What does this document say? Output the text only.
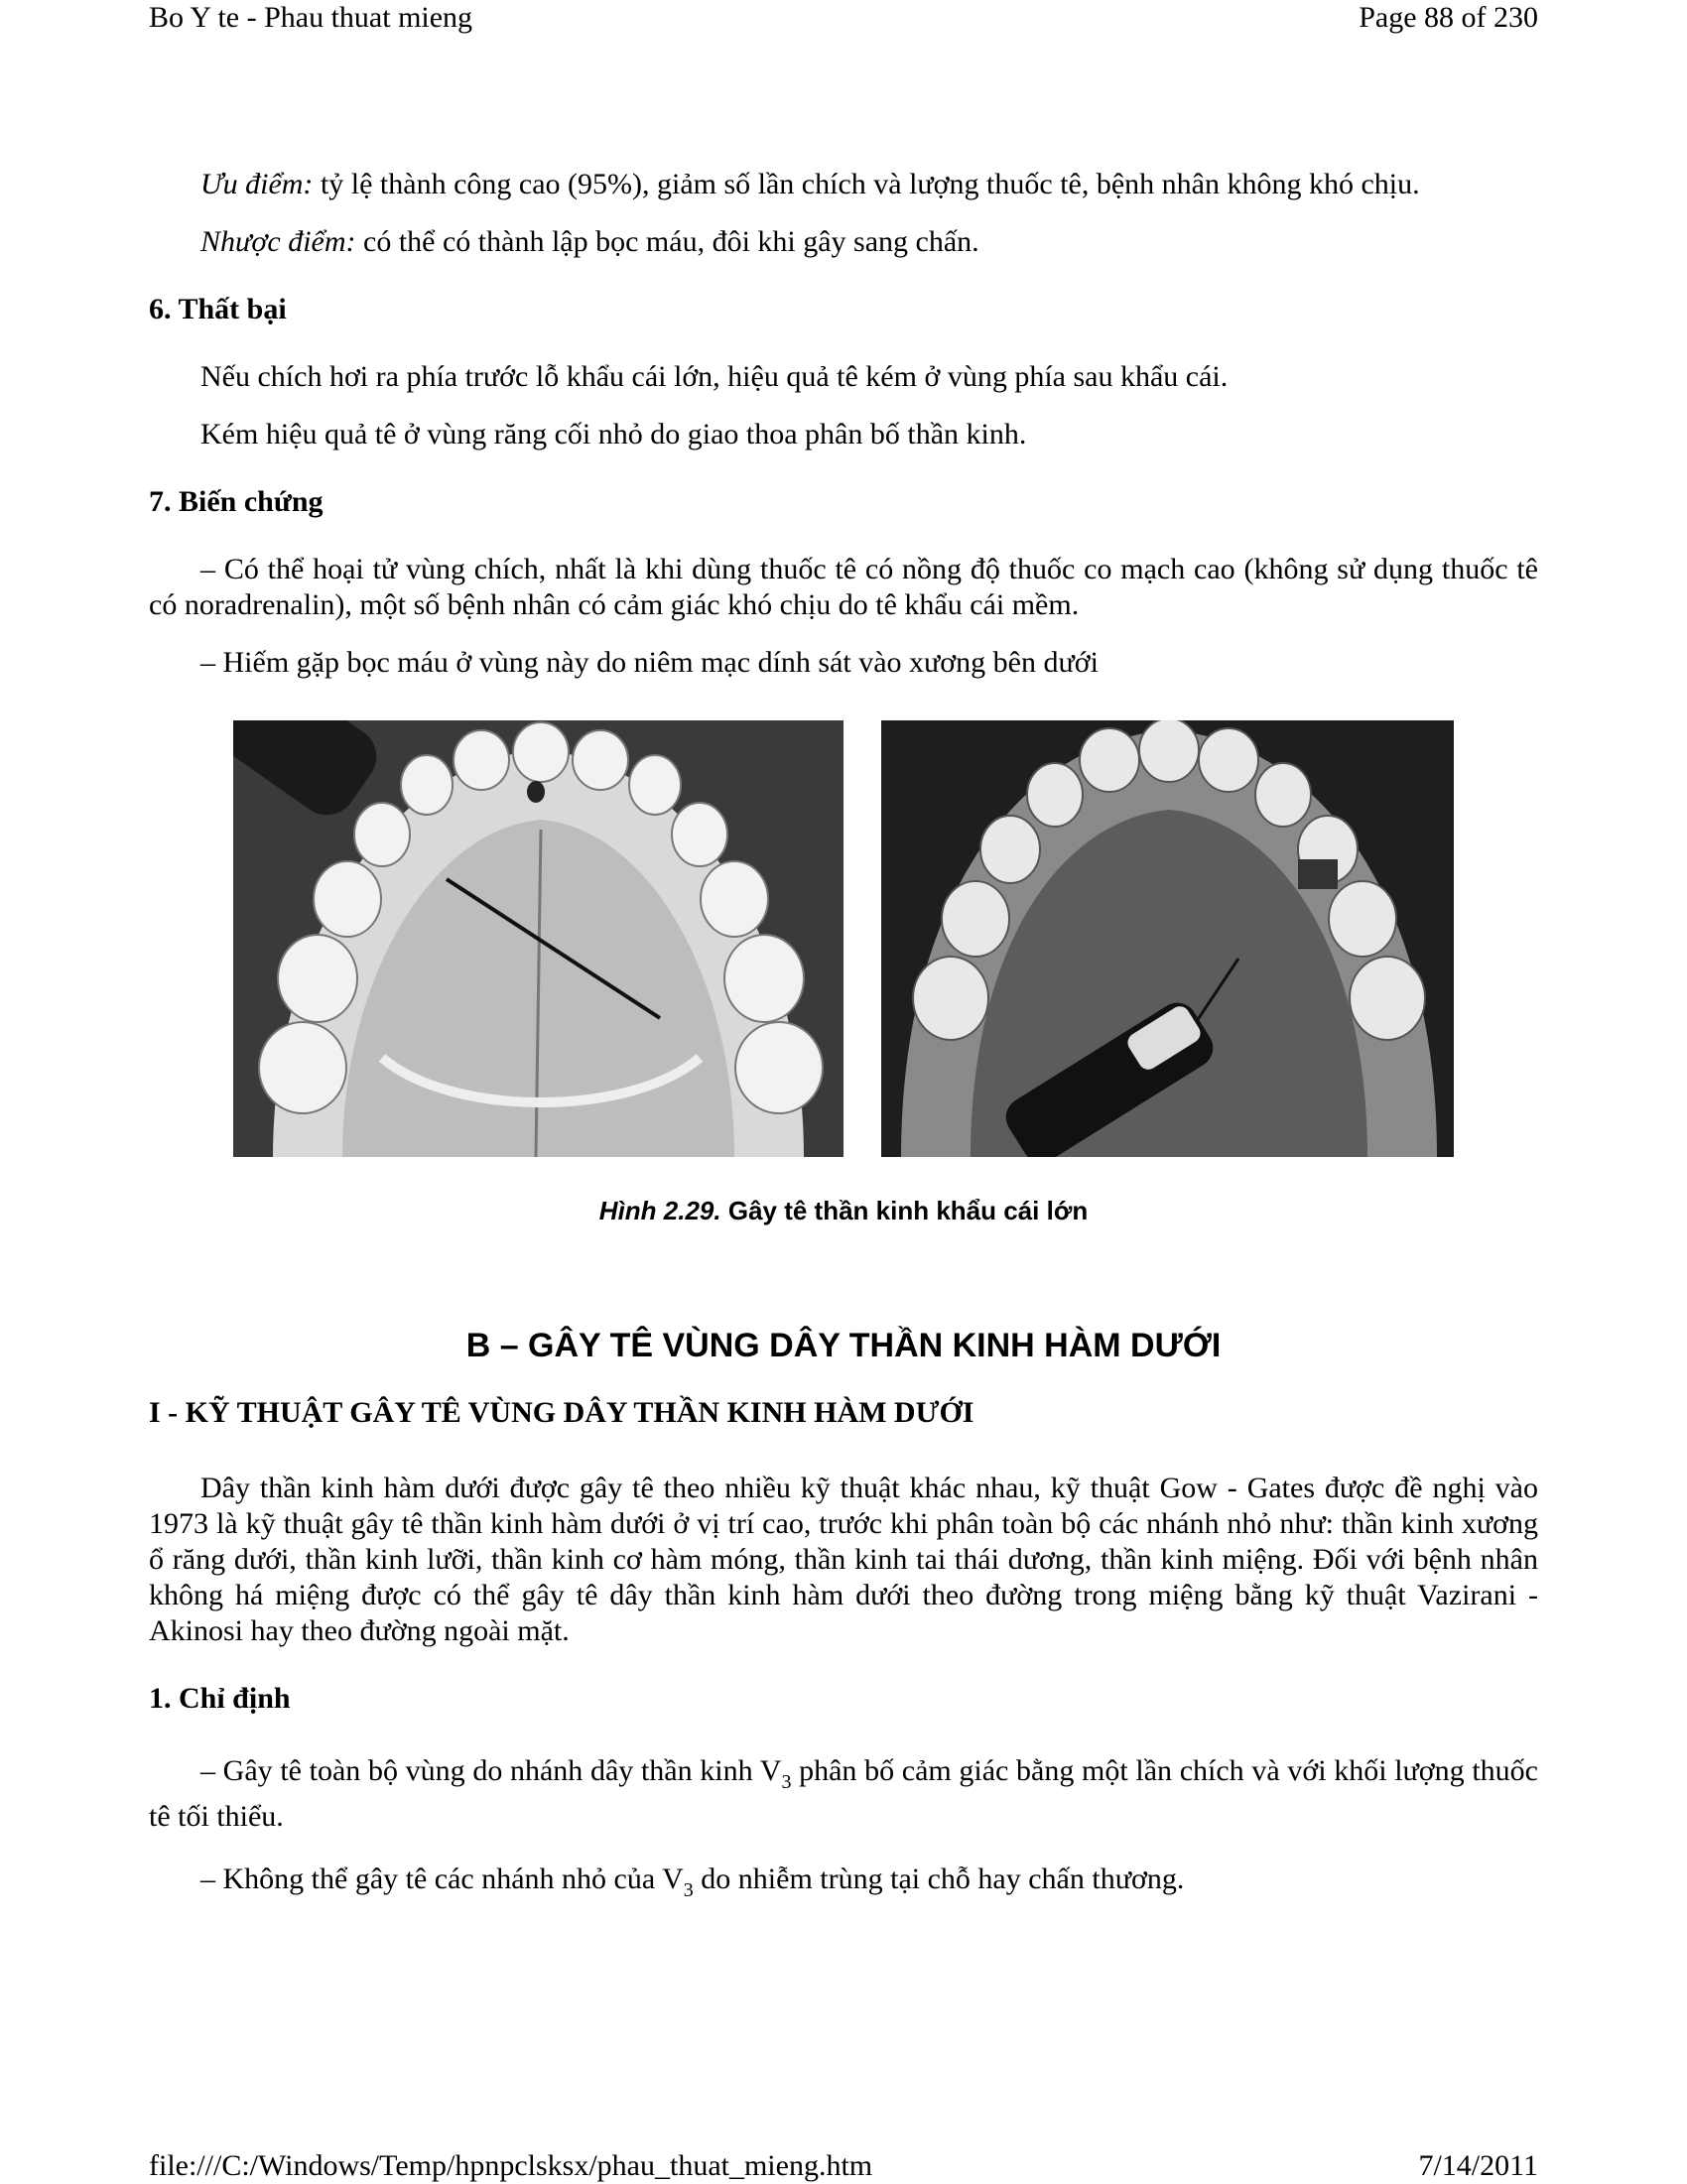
Bo Y te - Phau thuat mieng	Page 88 of 230

Ưu điểm: tỷ lệ thành công cao (95%), giảm số lần chích và lượng thuốc tê, bệnh nhân không khó chịu.

Nhược điểm: có thể có thành lập bọc máu, đôi khi gây sang chấn.

6. Thất bại

Nếu chích hơi ra phía trước lỗ khẩu cái lớn, hiệu quả tê kém ở vùng phía sau khẩu cái.

Kém hiệu quả tê ở vùng răng cối nhỏ do giao thoa phân bố thần kinh.

7. Biến chứng

– Có thể hoại tử vùng chích, nhất là khi dùng thuốc tê có nồng độ thuốc co mạch cao (không sử dụng thuốc tê có noradrenalin), một số bệnh nhân có cảm giác khó chịu do tê khẩu cái mềm.

– Hiếm gặp bọc máu ở vùng này do niêm mạc dính sát vào xương bên dưới

Hình 2.29. Gây tê thần kinh khẩu cái lớn

B – GÂY TÊ VÙNG DÂY THẦN KINH HÀM DƯỚI

I - KỸ THUẬT GÂY TÊ VÙNG DÂY THẦN KINH HÀM DƯỚI

Dây thần kinh hàm dưới được gây tê theo nhiều kỹ thuật khác nhau, kỹ thuật Gow - Gates được đề nghị vào 1973 là kỹ thuật gây tê thần kinh hàm dưới ở vị trí cao, trước khi phân toàn bộ các nhánh nhỏ như: thần kinh xương ổ răng dưới, thần kinh lưỡi, thần kinh cơ hàm móng, thần kinh tai thái dương, thần kinh miệng. Đối với bệnh nhân không há miệng được có thể gây tê dây thần kinh hàm dưới theo đường trong miệng bằng kỹ thuật Vazirani - Akinosi hay theo đường ngoài mặt.

1. Chỉ định

– Gây tê toàn bộ vùng do nhánh dây thần kinh $V_3$ phân bố cảm giác bằng một lần chích và với khối lượng thuốc tê tối thiểu.

– Không thể gây tê các nhánh nhỏ của $V_3$ do nhiễm trùng tại chỗ hay chấn thương.

file:///C:/Windows/Temp/hpnpclsksx/phau_thuat_mieng.htm	7/14/2011
